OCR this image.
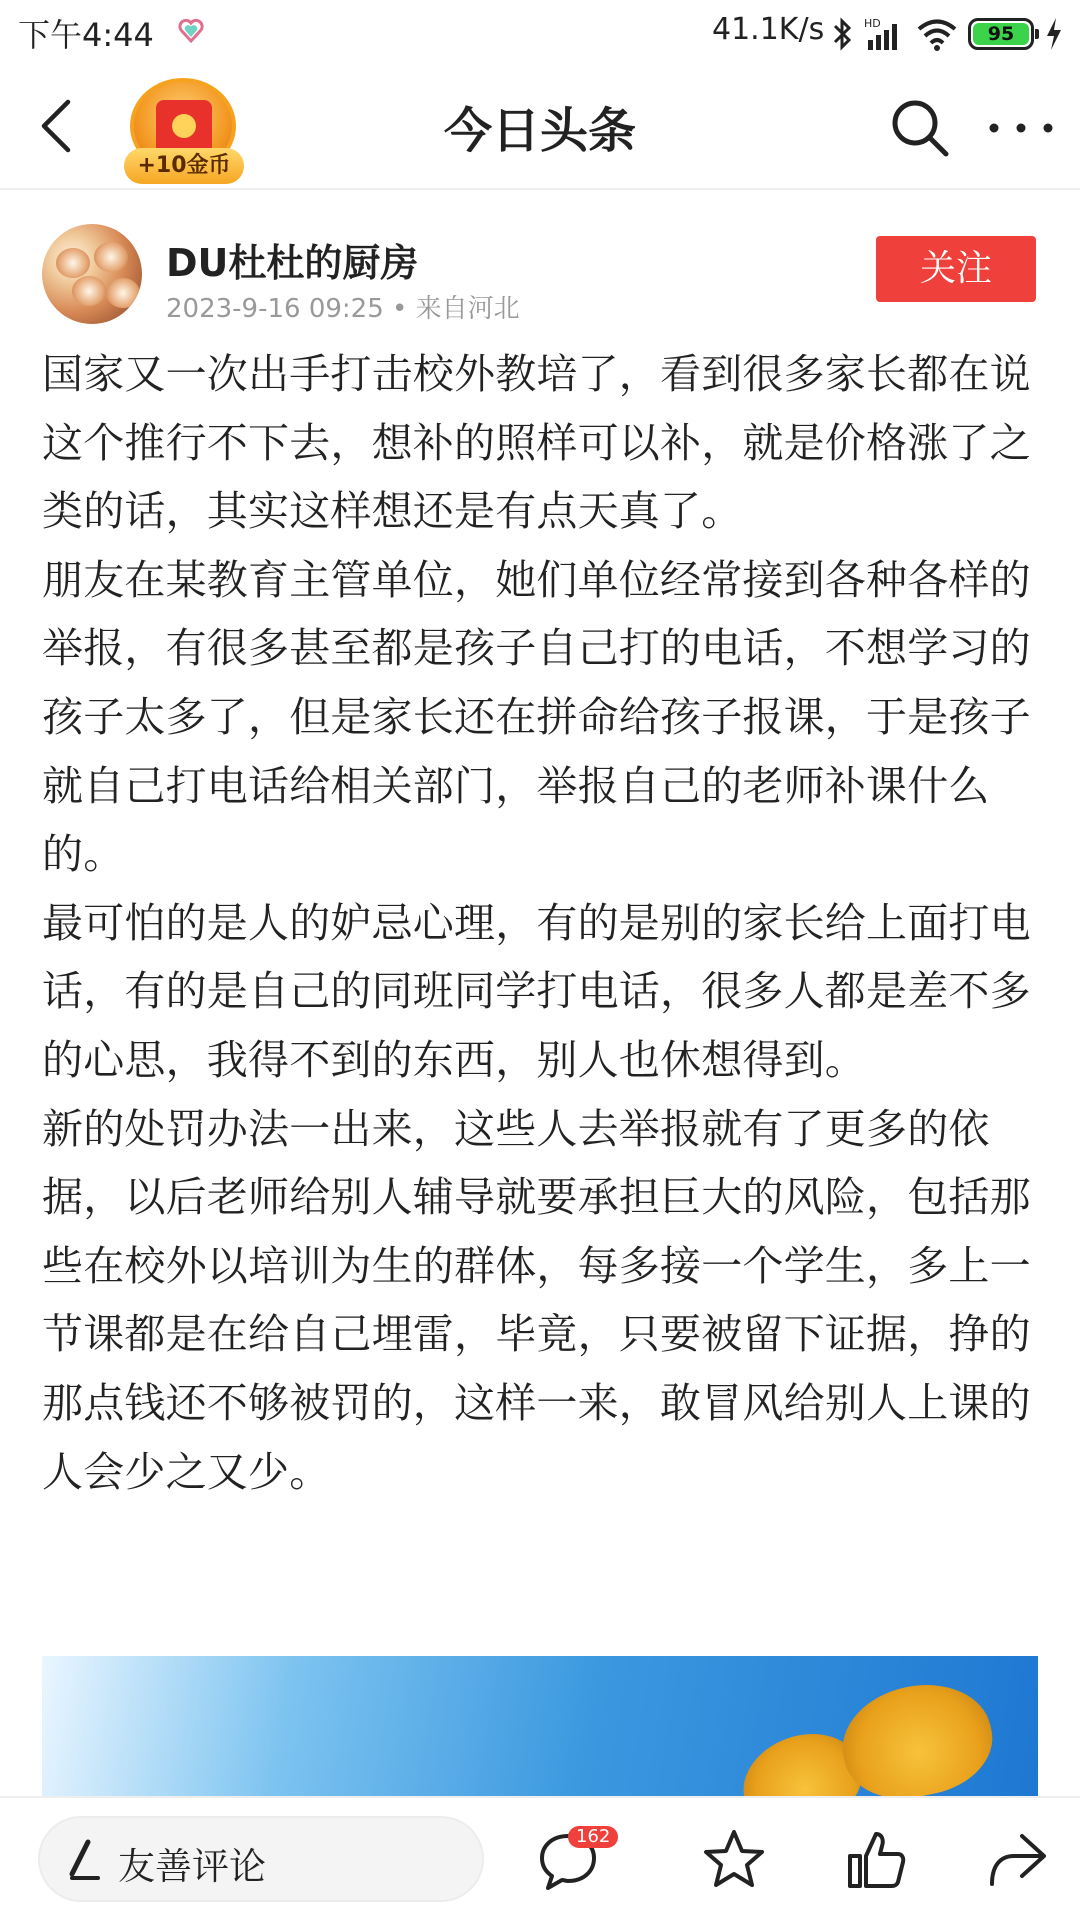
下午4:44	41.1K/s	HD	95
+10金币
今日头条
DU杜杜的厨房
2023-9-16 09:25 • 来自河北
关注

国家又一次出手打击校外教培了，看到很多家长都在说这个推行不下去，想补的照样可以补，就是价格涨了之类的话，其实这样想还是有点天真了。

朋友在某教育主管单位，她们单位经常接到各种各样的举报，有很多甚至都是孩子自己打的电话，不想学习的孩子太多了，但是家长还在拼命给孩子报课，于是孩子就自己打电话给相关部门，举报自己的老师补课什么的。

最可怕的是人的妒忌心理，有的是别的家长给上面打电话，有的是自己的同班同学打电话，很多人都是差不多的心思，我得不到的东西，别人也休想得到。

新的处罚办法一出来，这些人去举报就有了更多的依据，以后老师给别人辅导就要承担巨大的风险，包括那些在校外以培训为生的群体，每多接一个学生，多上一节课都是在给自己埋雷，毕竟，只要被留下证据，挣的那点钱还不够被罚的，这样一来，敢冒风给别人上课的人会少之又少。

友善评论
162
